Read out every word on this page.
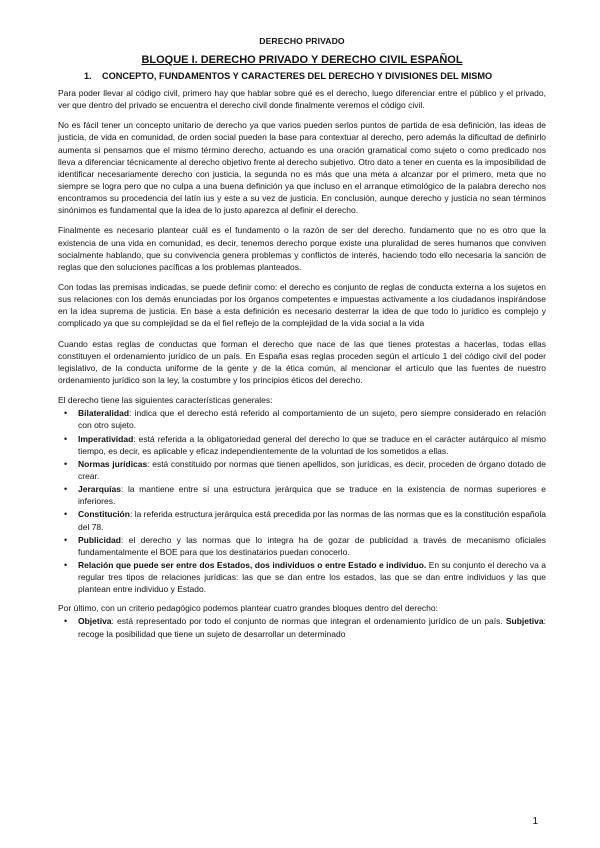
DERECHO PRIVADO
BLOQUE I. DERECHO PRIVADO Y DERECHO CIVIL ESPAÑOL
1. CONCEPTO, FUNDAMENTOS Y CARACTERES DEL DERECHO Y DIVISIONES DEL MISMO

Para poder llevar al código civil, primero hay que hablar sobre qué es el derecho, luego diferenciar entre el público y el privado, ver que dentro del privado se encuentra el derecho civil donde finalmente veremos el código civil.

No es fácil tener un concepto unitario de derecho ya que varios pueden serlos puntos de partida de esa definición, las ideas de justicia, de vida en comunidad, de orden social pueden la base para contextuar al derecho, pero además la dificultad de definirlo aumenta si pensamos que el mismo término derecho, actuando es una oración gramatical como sujeto o como predicado nos lleva a diferenciar técnicamente al derecho objetivo frente al derecho subjetivo. Otro dato a tener en cuenta es la imposibilidad de identificar necesariamente derecho con justicia, la segunda no es más que una meta a alcanzar por el primero, meta que no siempre se logra pero que no culpa a una buena definición ya que incluso en el arranque etimológico de la palabra derecho nos encontramos su procedencia del latín ius y este a su vez de justicia. En conclusión, aunque derecho y justicia no sean términos sinónimos es fundamental que la idea de lo justo aparezca al definir el derecho.

Finalmente es necesario plantear cuál es el fundamento o la razón de ser del derecho. fundamento que no es otro que la existencia de una vida en comunidad, es decir, tenemos derecho porque existe una pluralidad de seres humanos que conviven socialmente hablando, que su convivencia genera problemas y conflictos de interés, haciendo todo ello necesaria la sanción de reglas que den soluciones pacíficas a los problemas planteados.

Con todas las premisas indicadas, se puede definir como: el derecho es conjunto de reglas de conducta externa a los sujetos en sus relaciones con los demás enunciadas por los órganos competentes e impuestas activamente a los ciudadanos inspirándose en la idea suprema de justicia. En base a esta definición es necesario desterrar la idea de que todo lo jurídico es complejo y complicado ya que su complejidad se da el fiel reflejo de la complejidad de la vida social a la vida

Cuando estas reglas de conductas que forman el derecho que nace de las que tienes protestas a hacerlas, todas ellas constituyen el ordenamiento jurídico de un país. En España esas reglas proceden según el artículo 1 del código civil del poder legislativo, de la conducta uniforme de la gente y de la ética común, al mencionar el artículo que las fuentes de nuestro ordenamiento jurídico son la ley, la costumbre y los principios éticos del derecho.

El derecho tiene las siguientes características generales:

• Bilateralidad: indica que el derecho está referido al comportamiento de un sujeto, pero siempre considerado en relación con otro sujeto.
• Imperatividad: está referida a la obligatoriedad general del derecho lo que se traduce en el carácter autárquico al mismo tiempo, es decir, es aplicable y eficaz independientemente de la voluntad de los sometidos a ellas.
• Normas jurídicas: está constituido por normas que tienen apellidos, son jurídicas, es decir, proceden de órgano dotado de crear.
• Jerarquías: la mantiene entre sí una estructura jerárquica que se traduce en la existencia de normas superiores e inferiores.
• Constitución: la referida estructura jerárquica está precedida por las normas de las normas que es la constitución española del 78.
• Publicidad: el derecho y las normas que lo integra ha de gozar de publicidad a través de mecanismo oficiales fundamentalmente el BOE para que los destinatarios puedan conocerlo.
• Relación que puede ser entre dos Estados, dos individuos o entre Estado e individuo. En su conjunto el derecho va a regular tres tipos de relaciones jurídicas: las que se dan entre los estados, las que se dan entre individuos y las que plantean entre individuo y Estado.

Por último, con un criterio pedagógico podemos plantear cuatro grandes bloques dentro del derecho:

• Objetiva: está representado por todo el conjunto de normas que integran el ordenamiento jurídico de un país. Subjetiva: recoge la posibilidad que tiene un sujeto de desarrollar un determinado
1
